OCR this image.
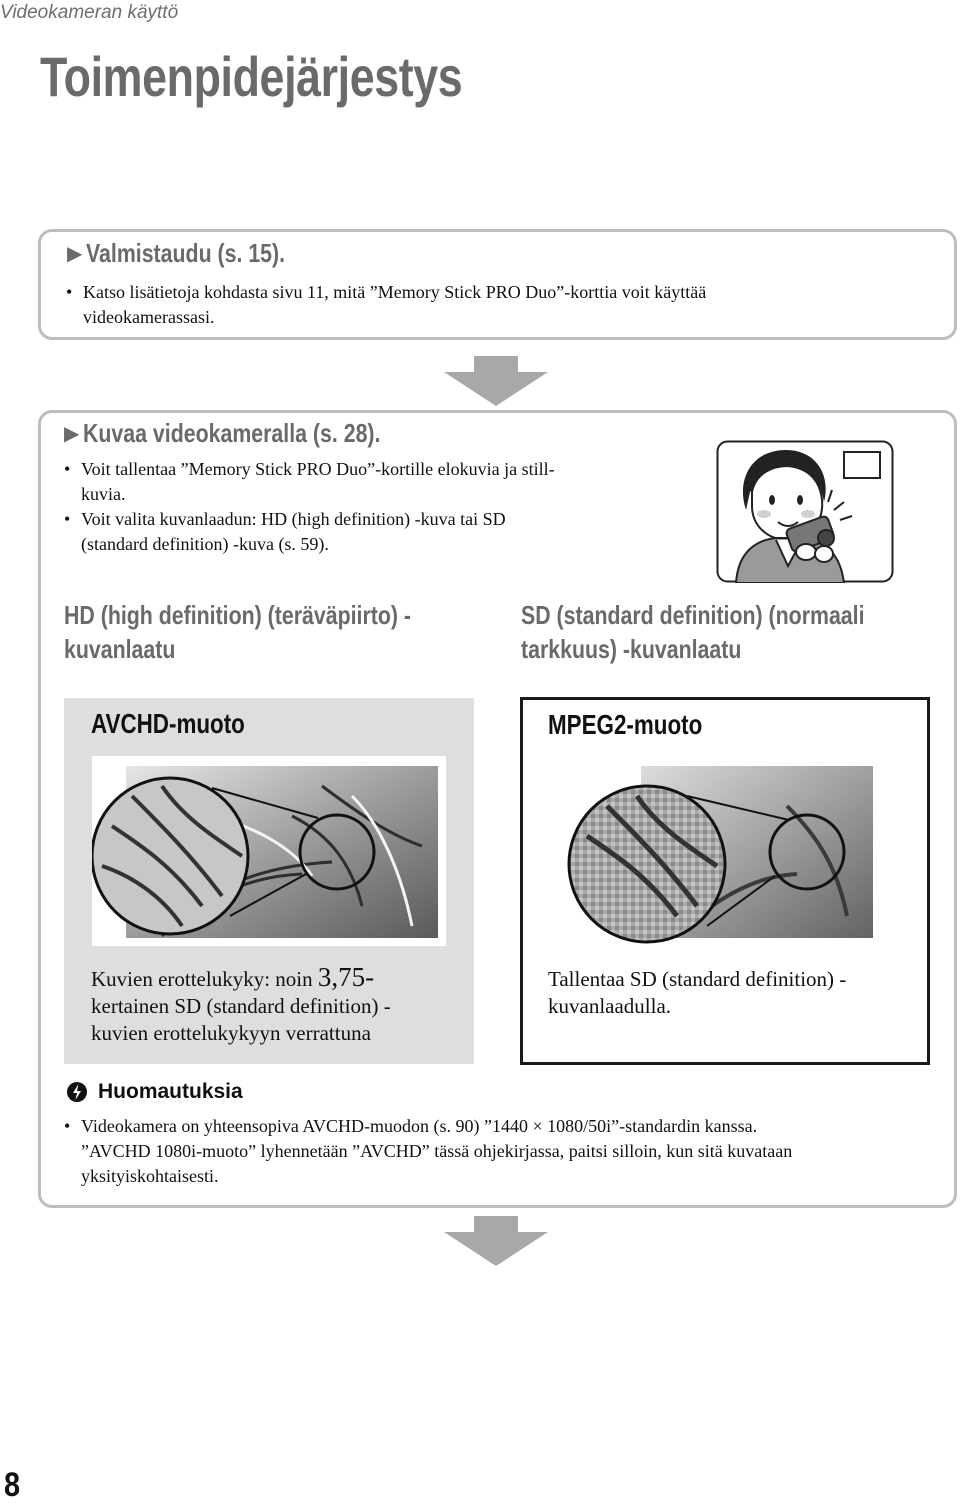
Videokameran käyttö
Toimenpidejärjestys
▶ Valmistaudu (s. 15).
• Katso lisätietoja kohdasta sivu 11, mitä ”Memory Stick PRO Duo”-korttia voit käyttää
videokamerassasi.
▶ Kuvaa videokameralla (s. 28).
• Voit tallentaa ”Memory Stick PRO Duo”-kortille elokuvia ja still-
kuvia.
• Voit valita kuvanlaadun: HD (high definition) -kuva tai SD
(standard definition) -kuva (s. 59).
HD (high definition) (teräväpiirto) -
kuvanlaatu
SD (standard definition) (normaali
tarkkuus) -kuvanlaatu
AVCHD-muoto
Kuvien erottelukyky: noin 3,75-
kertainen SD (standard definition) -
kuvien erottelukykyyn verrattuna
MPEG2-muoto
Tallentaa SD (standard definition) -
kuvanlaadulla.
Huomautuksia
• Videokamera on yhteensopiva AVCHD-muodon (s. 90) ”1440 × 1080/50i”-standardin kanssa.
”AVCHD 1080i-muoto” lyhennetään ”AVCHD” tässä ohjekirjassa, paitsi silloin, kun sitä kuvataan
yksityiskohtaisesti.
8
